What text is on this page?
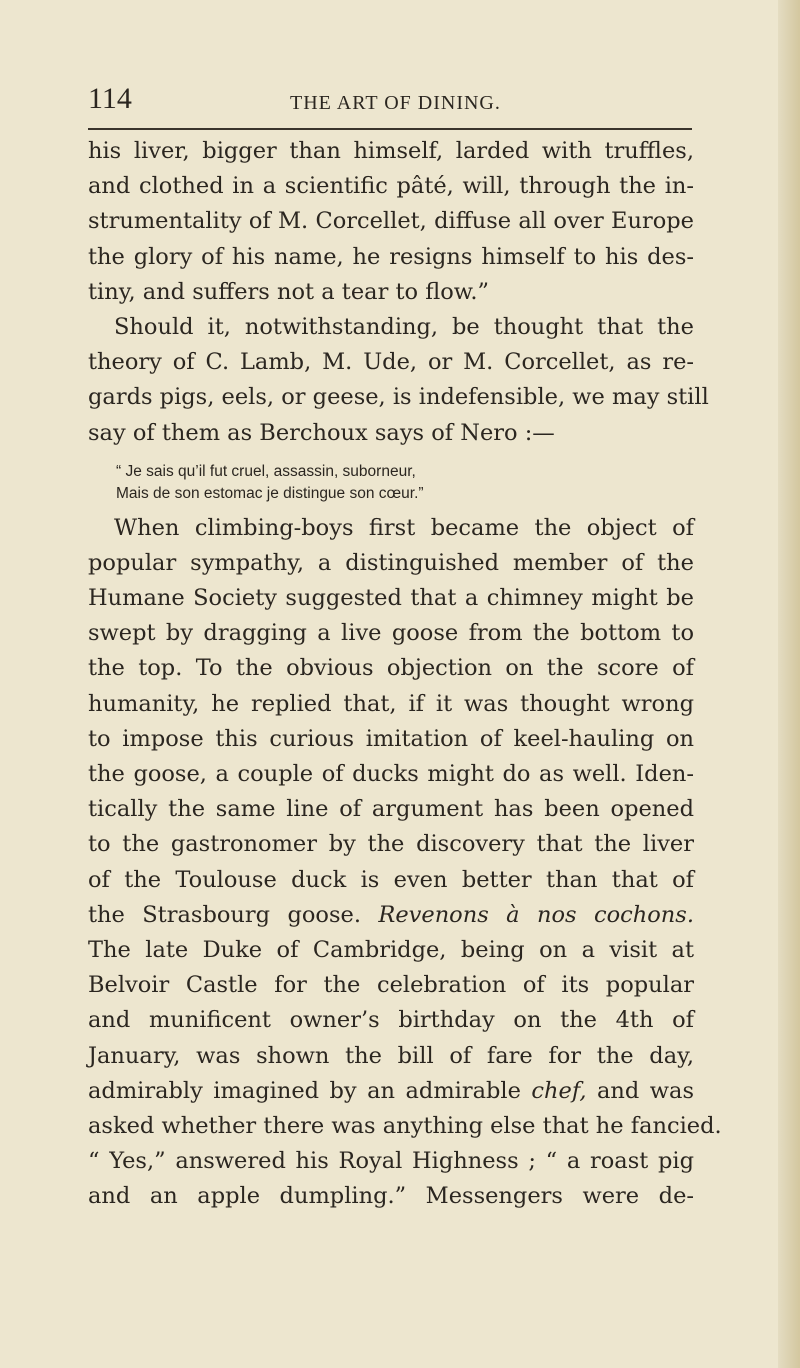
114	THE ART OF DINING.
his liver, bigger than himself, larded with truffles,
and clothed in a scientific pâté, will, through the in-
strumentality of M. Corcellet, diffuse all over Europe
the glory of his name, he resigns himself to his des-
tiny, and suffers not a tear to flow.”
Should it, notwithstanding, be thought that the
theory of C. Lamb, M. Ude, or M. Corcellet, as re-
gards pigs, eels, or geese, is indefensible, we may still
say of them as Berchoux says of Nero :—
“ Je sais qu’il fut cruel, assassin, suborneur,
Mais de son estomac je distingue son cœur.”
When climbing-boys first became the object of
popular sympathy, a distinguished member of the
Humane Society suggested that a chimney might be
swept by dragging a live goose from the bottom to
the top. To the obvious objection on the score of
humanity, he replied that, if it was thought wrong
to impose this curious imitation of keel-hauling on
the goose, a couple of ducks might do as well. Iden-
tically the same line of argument has been opened
to the gastronomer by the discovery that the liver
of the Toulouse duck is even better than that of
the Strasbourg goose. Revenons à nos cochons.
The late Duke of Cambridge, being on a visit at
Belvoir Castle for the celebration of its popular
and munificent owner’s birthday on the 4th of
January, was shown the bill of fare for the day,
admirably imagined by an admirable chef, and was
asked whether there was anything else that he fancied.
“ Yes,” answered his Royal Highness ; “ a roast pig
and an apple dumpling.” Messengers were de-
